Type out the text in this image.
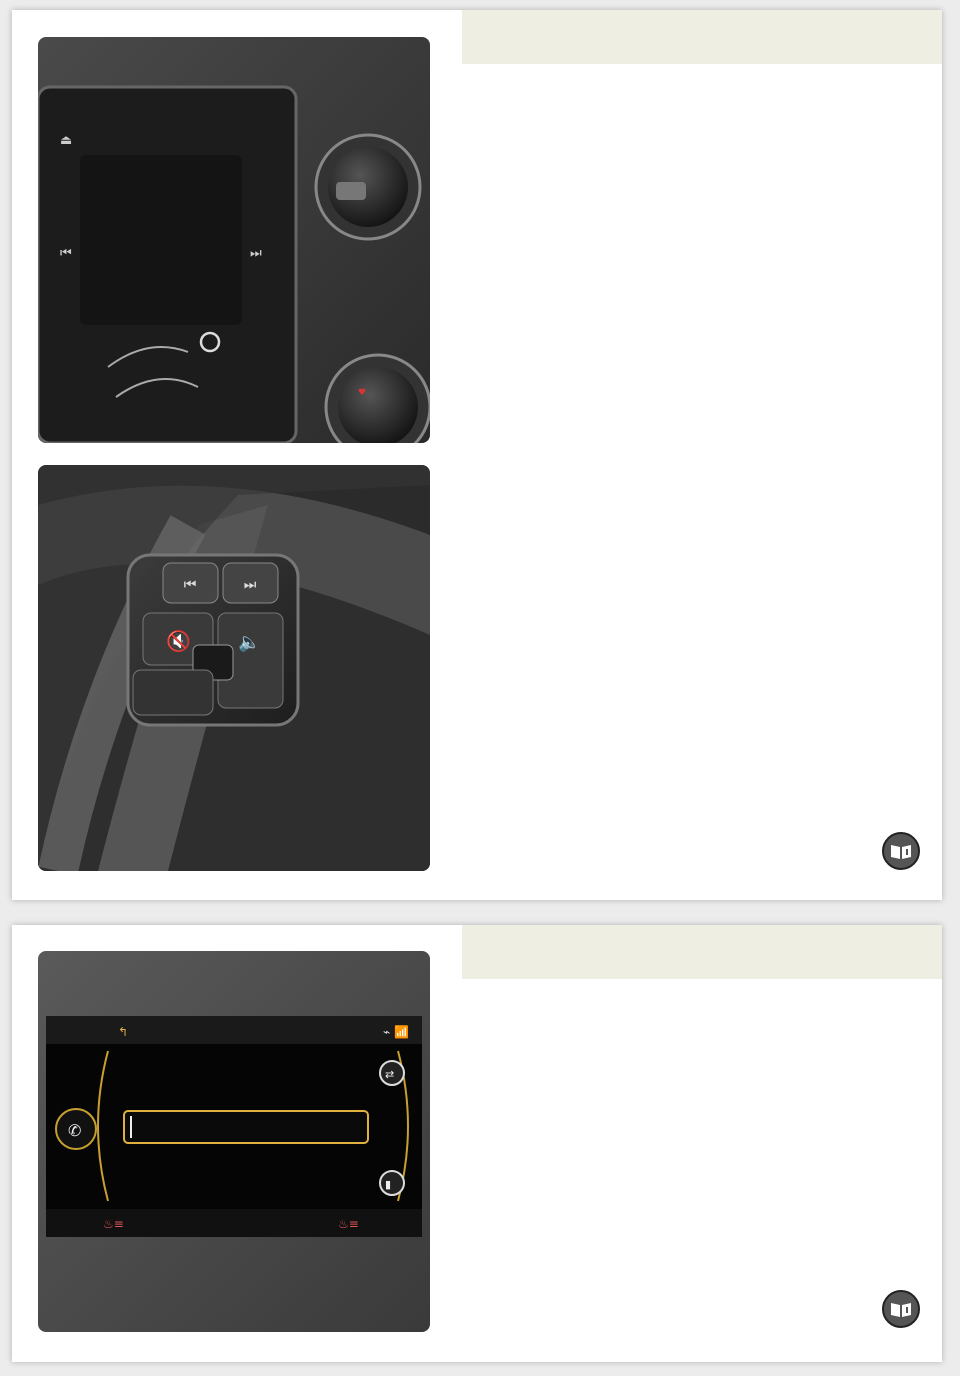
⏮	⏭
⏏
♥
⏮	⏭
🔇	🔈
↰	⌁ 📶
✆
⇄
▮
♨≡	♨≡
